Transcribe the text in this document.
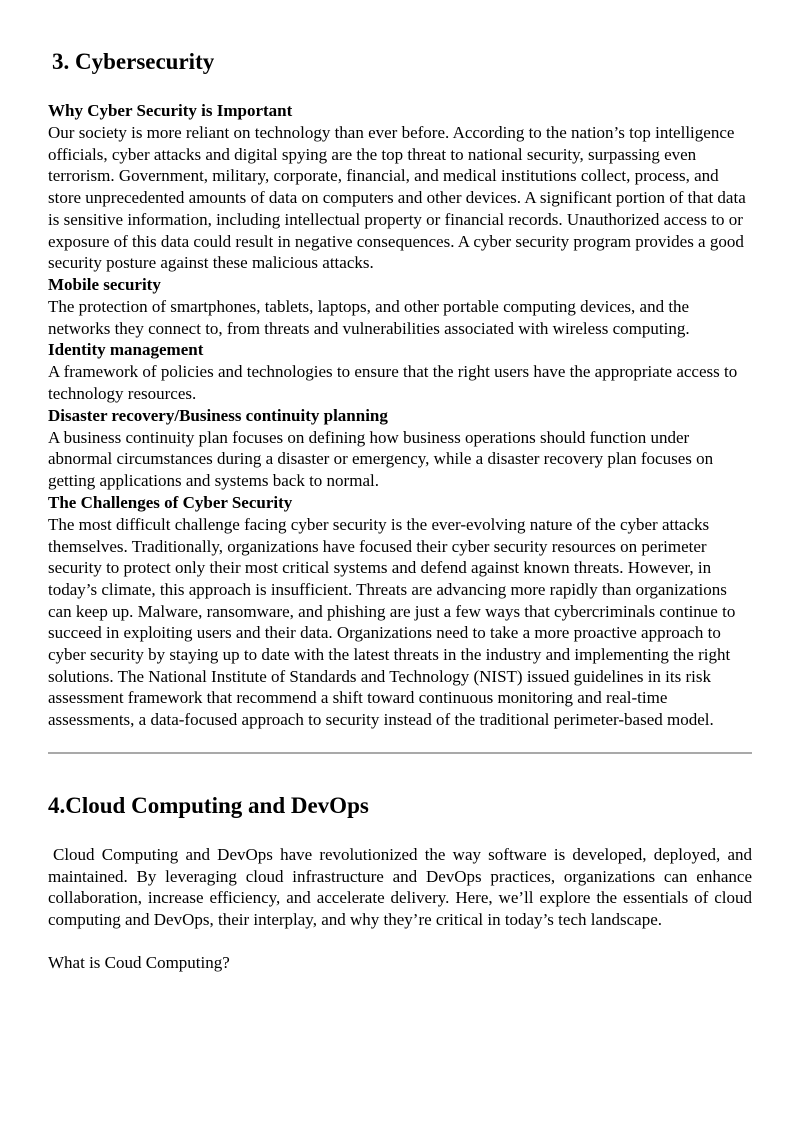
3. Cybersecurity

Why Cyber Security is Important

Our society is more reliant on technology than ever before. According to the nation’s top intelligence officials, cyber attacks and digital spying are the top threat to national security, surpassing even terrorism. Government, military, corporate, financial, and medical institutions collect, process, and store unprecedented amounts of data on computers and other devices. A significant portion of that data is sensitive information, including intellectual property or financial records. Unauthorized access to or exposure of this data could result in negative consequences. A cyber security program provides a good security posture against these malicious attacks.

Mobile security

The protection of smartphones, tablets, laptops, and other portable computing devices, and the networks they connect to, from threats and vulnerabilities associated with wireless computing.

Identity management

A framework of policies and technologies to ensure that the right users have the appropriate access to technology resources.

Disaster recovery/Business continuity planning

A business continuity plan focuses on defining how business operations should function under abnormal circumstances during a disaster or emergency, while a disaster recovery plan focuses on getting applications and systems back to normal.

The Challenges of Cyber Security

The most difficult challenge facing cyber security is the ever-evolving nature of the cyber attacks themselves. Traditionally, organizations have focused their cyber security resources on perimeter security to protect only their most critical systems and defend against known threats. However, in today’s climate, this approach is insufficient. Threats are advancing more rapidly than organizations can keep up. Malware, ransomware, and phishing are just a few ways that cybercriminals continue to succeed in exploiting users and their data. Organizations need to take a more proactive approach to cyber security by staying up to date with the latest threats in the industry and implementing the right solutions. The National Institute of Standards and Technology (NIST) issued guidelines in its risk assessment framework that recommend a shift toward continuous monitoring and real-time assessments, a data-focused approach to security instead of the traditional perimeter-based model.

4.Cloud Computing and DevOps

Cloud Computing and DevOps have revolutionized the way software is developed, deployed, and maintained. By leveraging cloud infrastructure and DevOps practices, organizations can enhance collaboration, increase efficiency, and accelerate delivery. Here, we’ll explore the essentials of cloud computing and DevOps, their interplay, and why they’re critical in today’s tech landscape.

What is Coud Computing?
